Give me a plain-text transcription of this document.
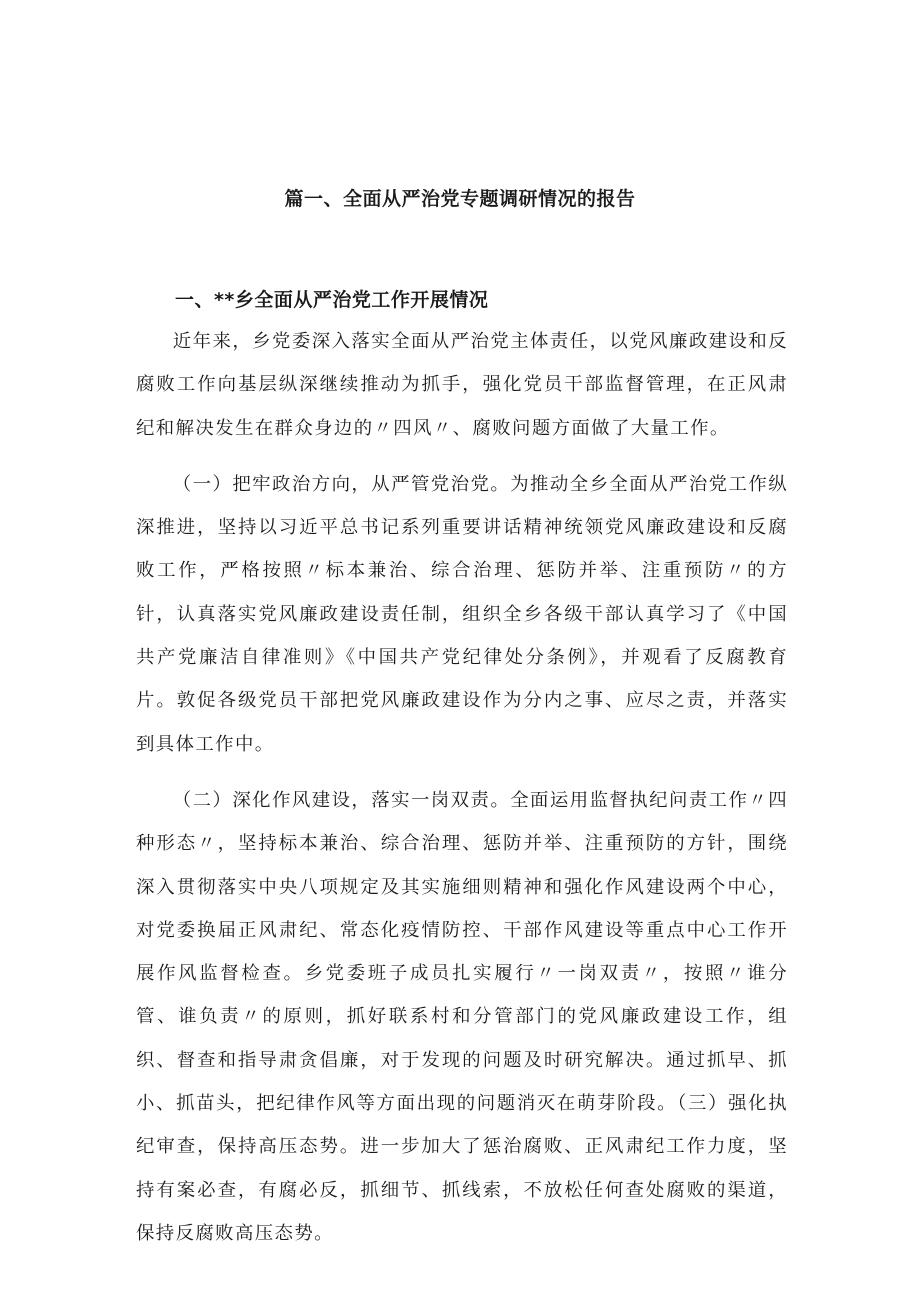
篇一、全面从严治党专题调研情况的报告
一、**乡全面从严治党工作开展情况

近年来，乡党委深入落实全面从严治党主体责任，以党风廉政建设和反腐败工作向基层纵深继续推动为抓手，强化党员干部监督管理，在正风肃纪和解决发生在群众身边的〃四风〃、腐败问题方面做了大量工作。

（一）把牢政治方向，从严管党治党。为推动全乡全面从严治党工作纵深推进，坚持以习近平总书记系列重要讲话精神统领党风廉政建设和反腐败工作，严格按照〃标本兼治、综合治理、惩防并举、注重预防〃的方针，认真落实党风廉政建设责任制，组织全乡各级干部认真学习了《中国共产党廉洁自律准则》《中国共产党纪律处分条例》，并观看了反腐教育片。敦促各级党员干部把党风廉政建设作为分内之事、应尽之责，并落实到具体工作中。

（二）深化作风建设，落实一岗双责。全面运用监督执纪问责工作〃四种形态〃，坚持标本兼治、综合治理、惩防并举、注重预防的方针，围绕深入贯彻落实中央八项规定及其实施细则精神和强化作风建设两个中心，对党委换届正风肃纪、常态化疫情防控、干部作风建设等重点中心工作开展作风监督检查。乡党委班子成员扎实履行〃一岗双责〃，按照〃谁分管、谁负责〃的原则，抓好联系村和分管部门的党风廉政建设工作，组织、督查和指导肃贪倡廉，对于发现的问题及时研究解决。通过抓早、抓小、抓苗头，把纪律作风等方面出现的问题消灭在萌芽阶段。（三）强化执纪审查，保持高压态势。进一步加大了惩治腐败、正风肃纪工作力度，坚持有案必查，有腐必反，抓细节、抓线索，不放松任何查处腐败的渠道，保持反腐败高压态势。
